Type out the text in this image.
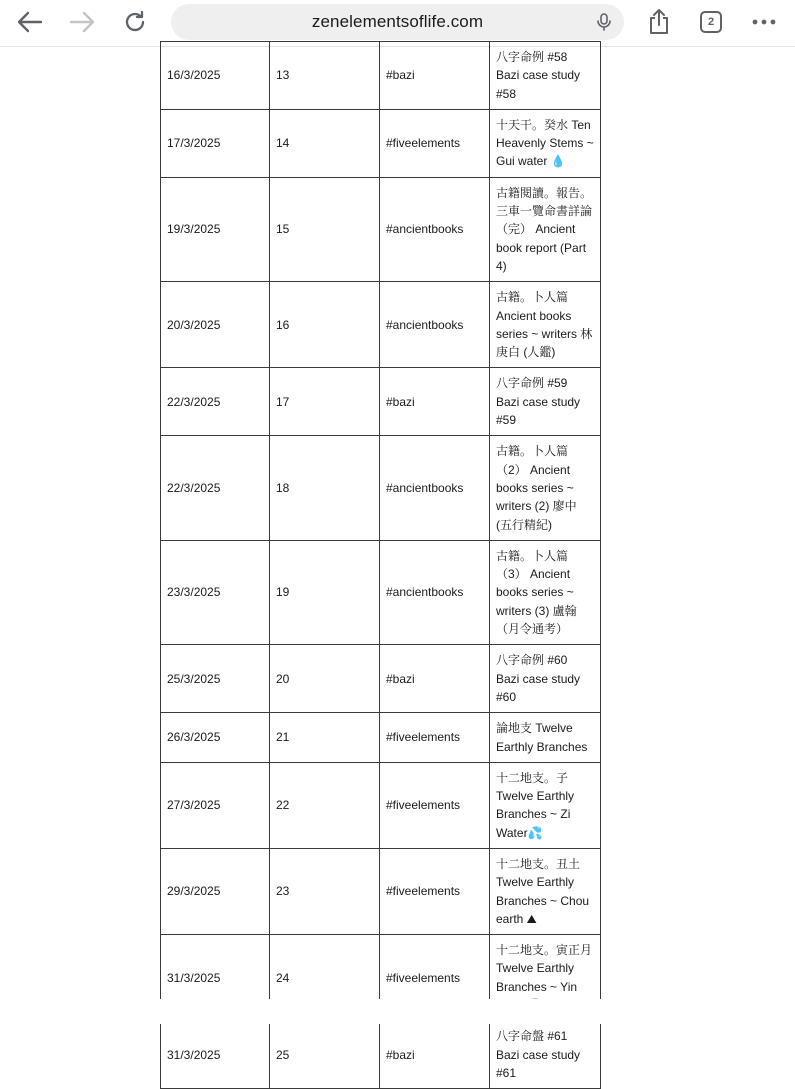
zenelementsoflife.com	2
16/3/2025	13	#bazi	八字命例 #58 Bazi case study #58
17/3/2025	14	#fiveelements	十天干。癸水 Ten Heavenly Stems ~ Gui water 💧
19/3/2025	15	#ancientbooks	古籍閱讀。報告。三車一覽命書詳論（完） Ancient book report (Part 4)
20/3/2025	16	#ancientbooks	古籍。卜人篇 Ancient books series ~ writers 林庚白 (人鑑)
22/3/2025	17	#bazi	八字命例 #59 Bazi case study #59
22/3/2025	18	#ancientbooks	古籍。卜人篇 （2） Ancient books series ~ writers (2) 廖中 (五行精紀)
23/3/2025	19	#ancientbooks	古籍。卜人篇 （3） Ancient books series ~ writers (3) 盧翰 （月令通考）
25/3/2025	20	#bazi	八字命例 #60 Bazi case study #60
26/3/2025	21	#fiveelements	論地支 Twelve Earthly Branches
27/3/2025	22	#fiveelements	十二地支。子 Twelve Earthly Branches ~ Zi Water💦
29/3/2025	23	#fiveelements	十二地支。丑土 Twelve Earthly Branches ~ Chou earth ⛰
31/3/2025	24	#fiveelements	十二地支。寅正月 Twelve Earthly Branches ~ Yin
31/3/2025	25	#bazi	八字命盤 #61 Bazi case study #61
